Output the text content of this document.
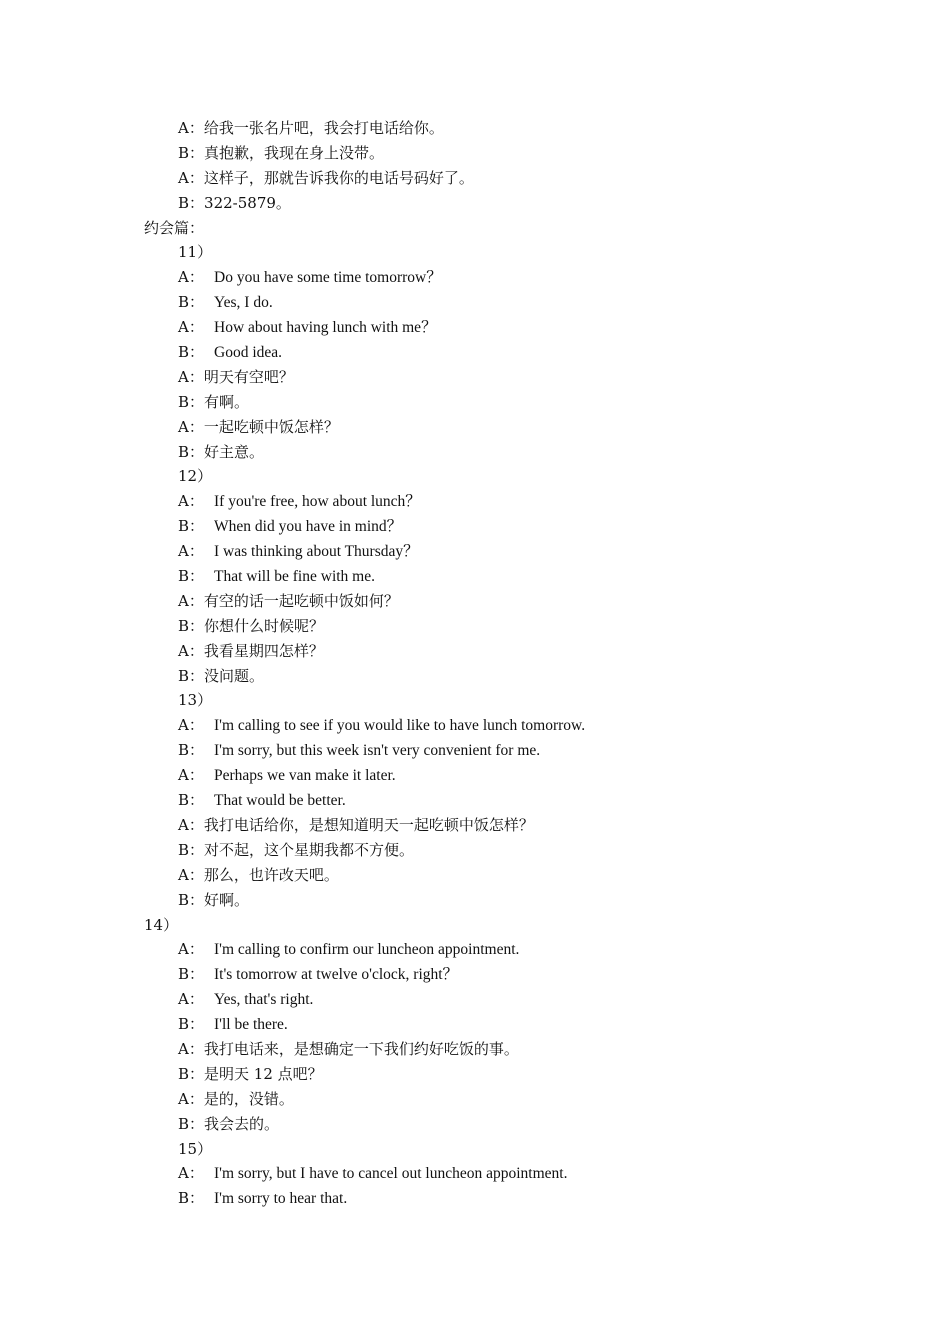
A：给我一张名片吧，我会打电话给你。
B：真抱歉，我现在身上没带。
A：这样子，那就告诉我你的电话号码好了。
B：322-5879。
约会篇：
11）
A： Do you have some time tomorrow？
B： Yes, I do.
A： How about having lunch with me？
B： Good idea.
A：明天有空吧？
B：有啊。
A：一起吃顿中饭怎样？
B：好主意。
12）
A： If you're free, how about lunch？
B： When did you have in mind？
A： I was thinking about Thursday？
B： That will be fine with me.
A：有空的话一起吃顿中饭如何？
B：你想什么时候呢？
A：我看星期四怎样？
B：没问题。
13）
A： I'm calling to see if you would like to have lunch tomorrow.
B： I'm sorry, but this week isn't very convenient for me.
A： Perhaps we van make it later.
B： That would be better.
A：我打电话给你，是想知道明天一起吃顿中饭怎样？
B：对不起，这个星期我都不方便。
A：那么，也许改天吧。
B：好啊。
14）
A： I'm calling to confirm our luncheon appointment.
B： It's tomorrow at twelve o'clock, right？
A： Yes, that's right.
B： I'll be there.
A：我打电话来，是想确定一下我们约好吃饭的事。
B：是明天 12 点吧？
A：是的，没错。
B：我会去的。
15）
A： I'm sorry, but I have to cancel out luncheon appointment.
B： I'm sorry to hear that.
